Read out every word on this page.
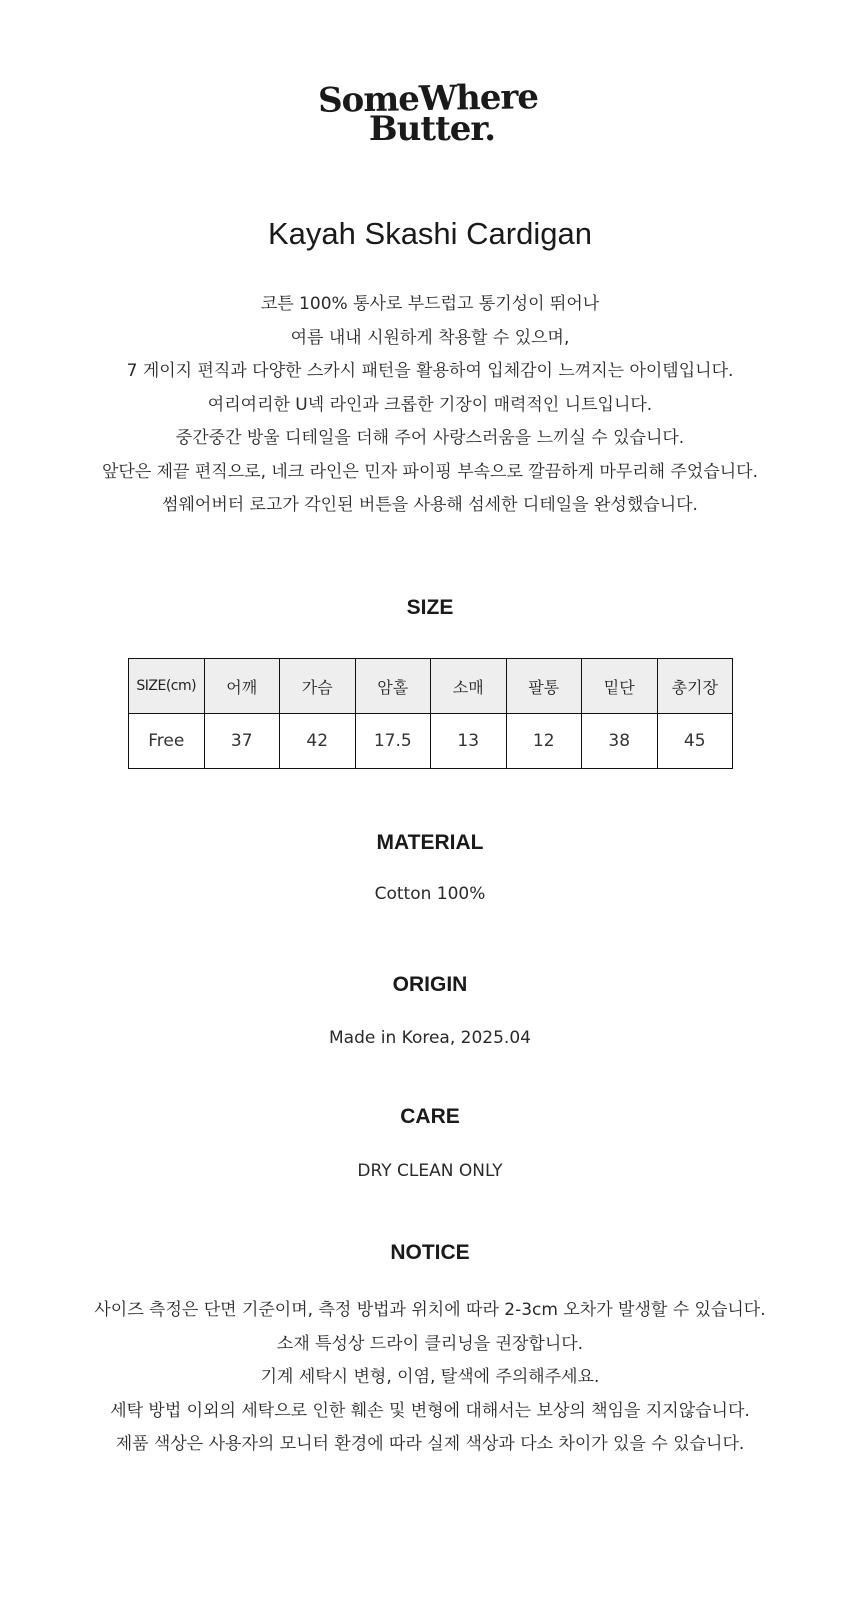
SomeWhere
Butter.
Kayah Skashi Cardigan

코튼 100% 통사로 부드럽고 통기성이 뛰어나

여름 내내 시원하게 착용할 수 있으며,

7 게이지 편직과 다양한 스카시 패턴을 활용하여 입체감이 느껴지는 아이템입니다.

여리여리한 U넥 라인과 크롭한 기장이 매력적인 니트입니다.

중간중간 방울 디테일을 더해 주어 사랑스러움을 느끼실 수 있습니다.

앞단은 제끝 편직으로, 네크 라인은 민자 파이핑 부속으로 깔끔하게 마무리해 주었습니다.

썸웨어버터 로고가 각인된 버튼을 사용해 섬세한 디테일을 완성했습니다.

SIZE
SIZE(cm)	어깨	가슴	암홀	소매	팔통	밑단	총기장
Free	37	42	17.5	13	12	38	45
MATERIAL
Cotton 100%
ORIGIN
Made in Korea, 2025.04
CARE
DRY CLEAN ONLY
NOTICE

사이즈 측정은 단면 기준이며, 측정 방법과 위치에 따라 2-3cm 오차가 발생할 수 있습니다.

소재 특성상 드라이 클리닝을 권장합니다.

기계 세탁시 변형, 이염, 탈색에 주의해주세요.

세탁 방법 이외의 세탁으로 인한 훼손 및 변형에 대해서는 보상의 책임을 지지않습니다.

제품 색상은 사용자의 모니터 환경에 따라 실제 색상과 다소 차이가 있을 수 있습니다.
